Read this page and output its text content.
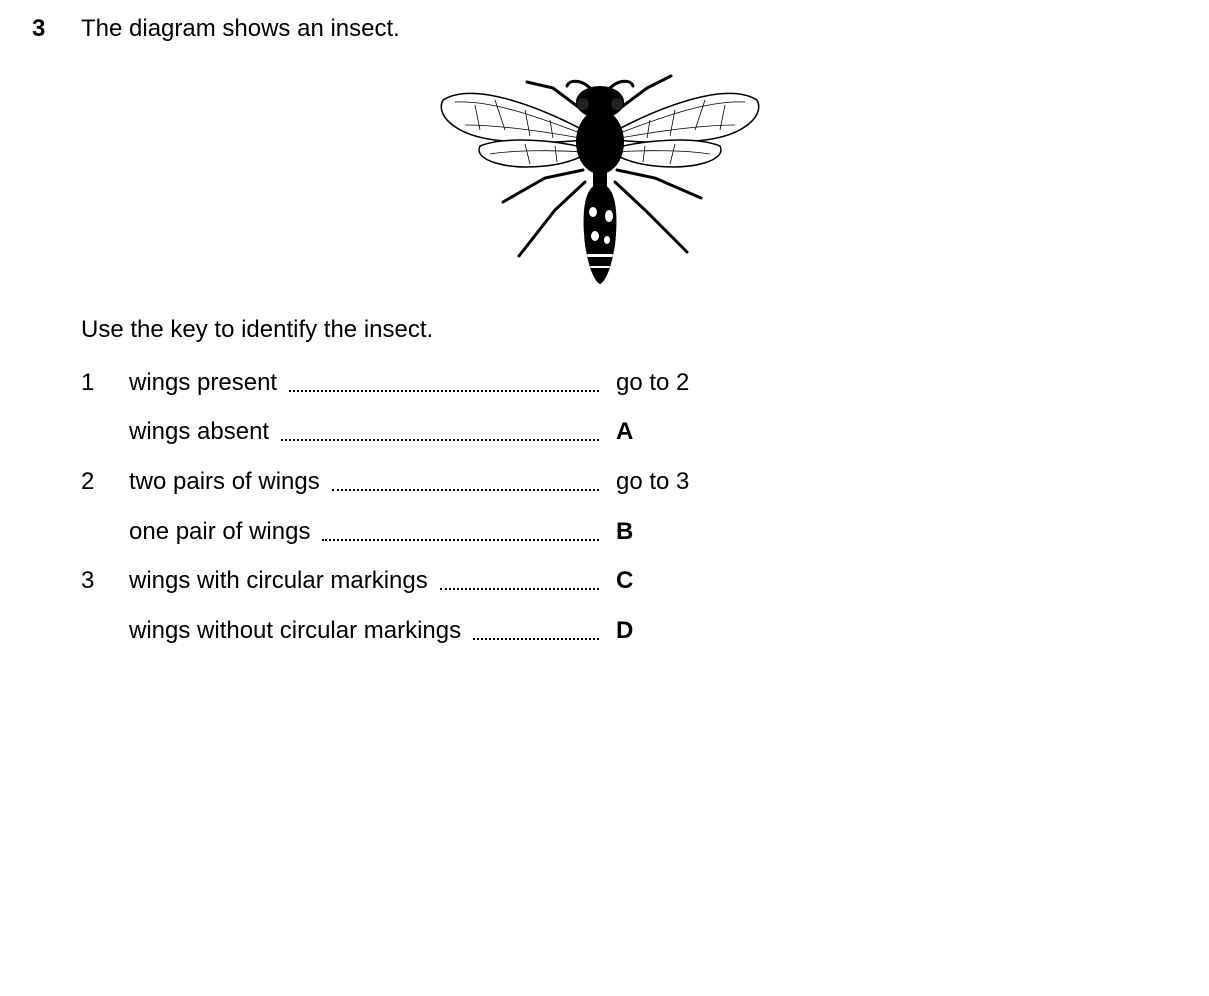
3 The diagram shows an insect.
Use the key to identify the insect.
1 wings present	go to 2
wings absent	A
2 two pairs of wings	go to 3
one pair of wings	B
3 wings with circular markings	C
wings without circular markings	D
